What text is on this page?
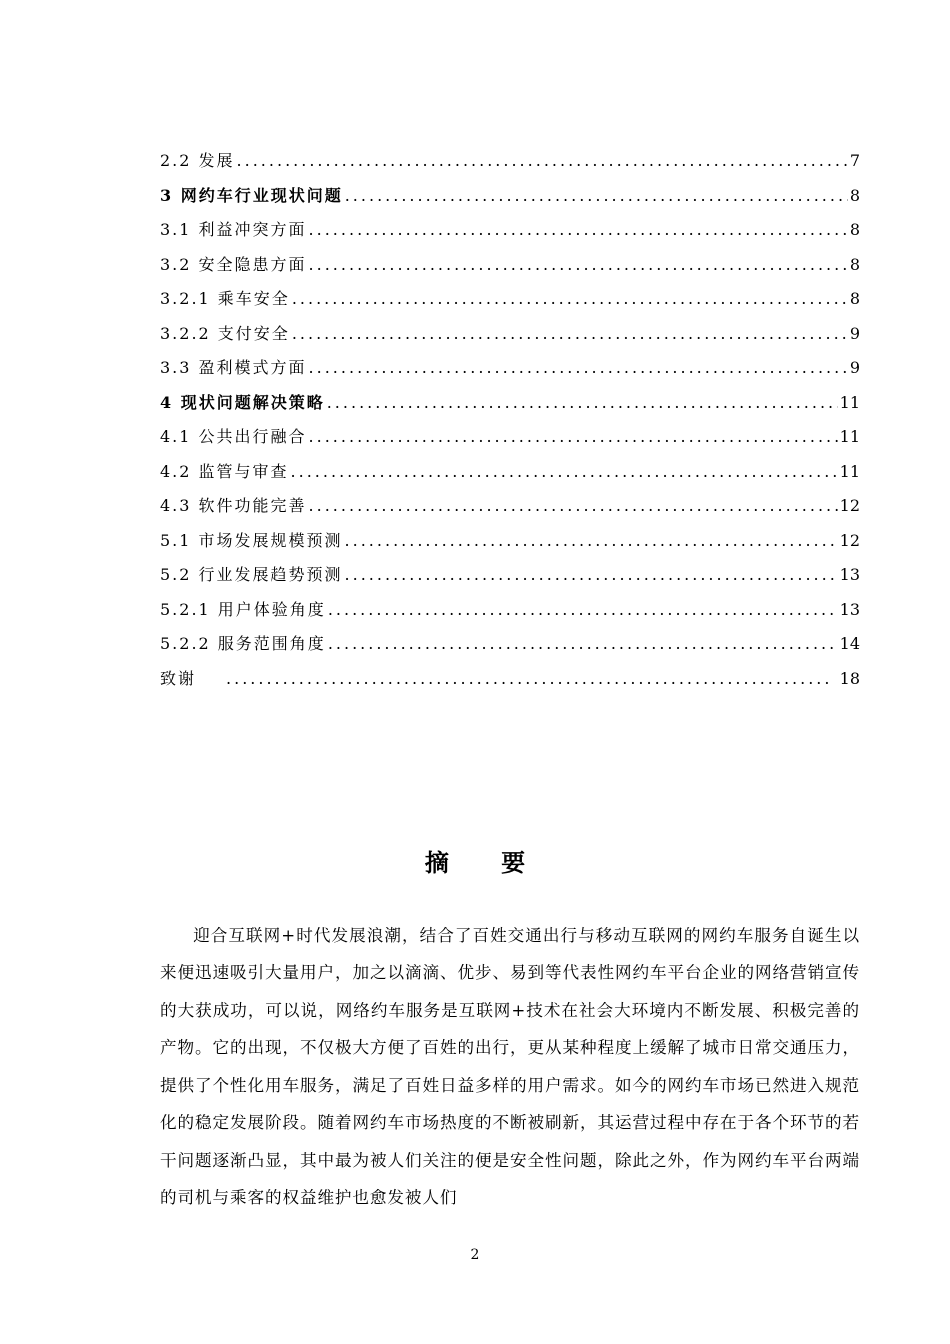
2.2 发展 .....	7
3 网约车行业现状问题 .....	8
3.1 利益冲突方面 .....	8
3.2 安全隐患方面 .....	8
3.2.1 乘车安全 .....	8
3.2.2 支付安全 .....	9
3.3 盈利模式方面 .....	9
4 现状问题解决策略 .....	11
4.1 公共出行融合 .....	11
4.2 监管与审查 .....	11
4.3 软件功能完善 .....	12
5.1 市场发展规模预测 .....	12
5.2 行业发展趋势预测 .....	13
5.2.1 用户体验角度 .....	13
5.2.2 服务范围角度 .....	14
致谢 .....	18
摘 要

迎合互联网+时代发展浪潮，结合了百姓交通出行与移动互联网的网约车服务自诞生以来便迅速吸引大量用户，加之以滴滴、优步、易到等代表性网约车平台企业的网络营销宣传的大获成功，可以说，网络约车服务是互联网+技术在社会大环境内不断发展、积极完善的产物。它的出现，不仅极大方便了百姓的出行，更从某种程度上缓解了城市日常交通压力，提供了个性化用车服务，满足了百姓日益多样的用户需求。如今的网约车市场已然进入规范化的稳定发展阶段。随着网约车市场热度的不断被刷新，其运营过程中存在于各个环节的若干问题逐渐凸显，其中最为被人们关注的便是安全性问题，除此之外，作为网约车平台两端的司机与乘客的权益维护也愈发被人们

2
